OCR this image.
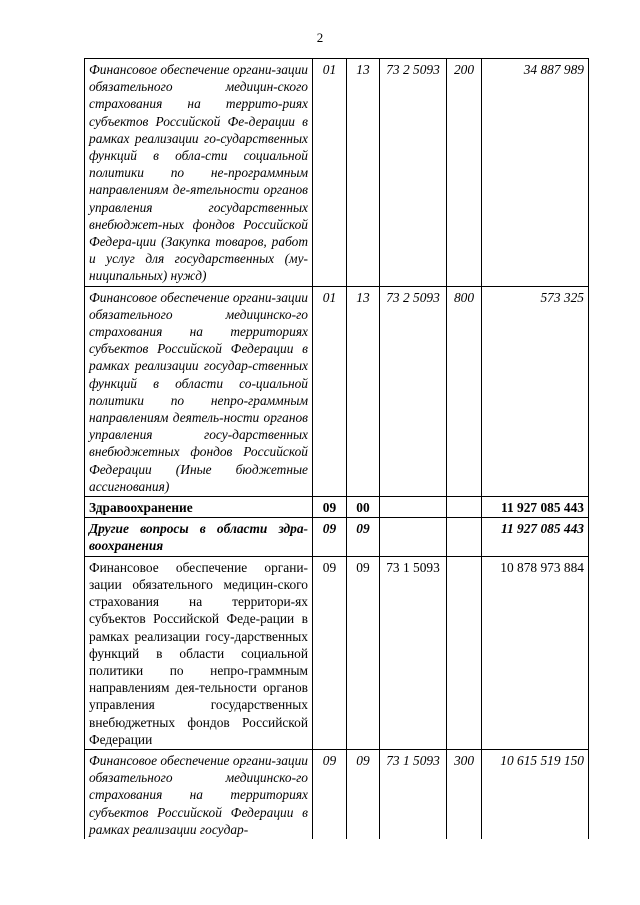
2
Финансовое обеспечение органи-зации обязательного медицин-ского страхования на террито-риях субъектов Российской Фе-дерации в рамках реализации го-сударственных функций в обла-сти социальной политики по не-программным направлениям де-ятельности органов управления государственных внебюджет-ных фондов Российской Федера-ции (Закупка товаров, работ и услуг для государственных (му-ниципальных) нужд)	01	13	73 2 5093	200	34 887 989
Финансовое обеспечение органи-зации обязательного медицинско-го страхования на территориях субъектов Российской Федерации в рамках реализации государ-ственных функций в области со-циальной политики по непро-граммным направлениям деятель-ности органов управления госу-дарственных внебюджетных фондов Российской Федерации (Иные бюджетные ассигнования)	01	13	73 2 5093	800	573 325
Здравоохранение	09	00			11 927 085 443
Другие вопросы в области здра-воохранения	09	09			11 927 085 443
Финансовое обеспечение органи-зации обязательного медицин-ского страхования на территори-ях субъектов Российской Феде-рации в рамках реализации госу-дарственных функций в области социальной политики по непро-граммным направлениям дея-тельности органов управления государственных внебюджетных фондов Российской Федерации	09	09	73 1 5093		10 878 973 884
Финансовое обеспечение органи-зации обязательного медицинско-го страхования на территориях субъектов Российской Федерации в рамках реализации государ-	09	09	73 1 5093	300	10 615 519 150
